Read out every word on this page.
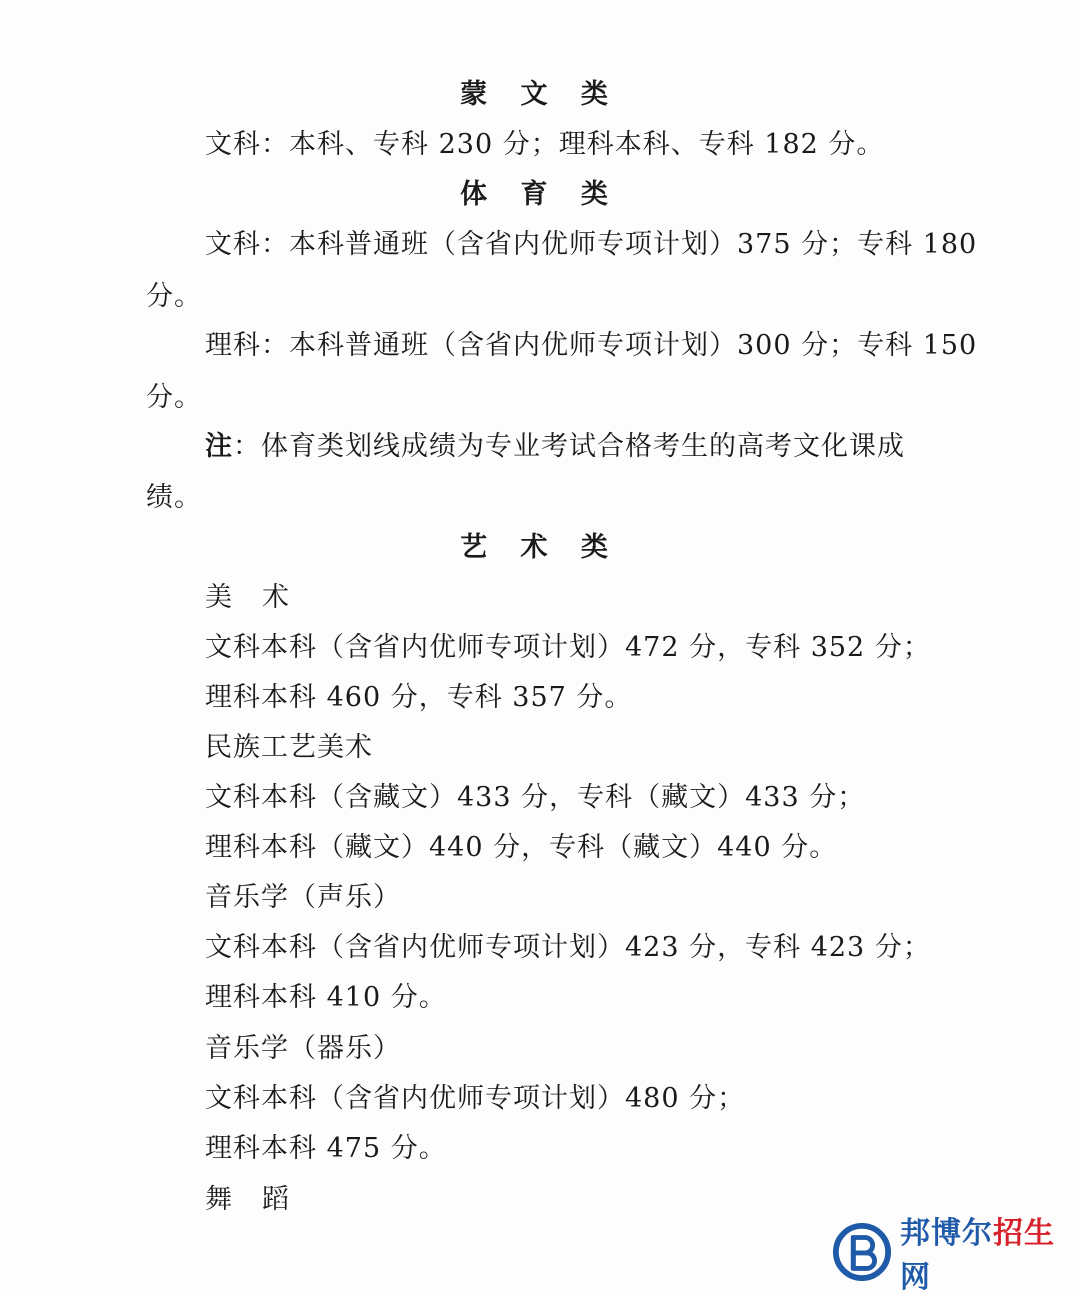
蒙 文 类
文科：本科、专科 230 分；理科本科、专科 182 分。
体 育 类
文科：本科普通班（含省内优师专项计划）375 分；专科 180
分。
理科：本科普通班（含省内优师专项计划）300 分；专科 150
分。
注：体育类划线成绩为专业考试合格考生的高考文化课成
绩。
艺 术 类
美术
文科本科（含省内优师专项计划）472 分，专科 352 分；
理科本科 460 分，专科 357 分。
民族工艺美术
文科本科（含藏文）433 分，专科（藏文）433 分；
理科本科（藏文）440 分，专科（藏文）440 分。
音乐学（声乐）
文科本科（含省内优师专项计划）423 分，专科 423 分；
理科本科 410 分。
音乐学（器乐）
文科本科（含省内优师专项计划）480 分；
理科本科 475 分。
舞蹈
邦博尔招生网
